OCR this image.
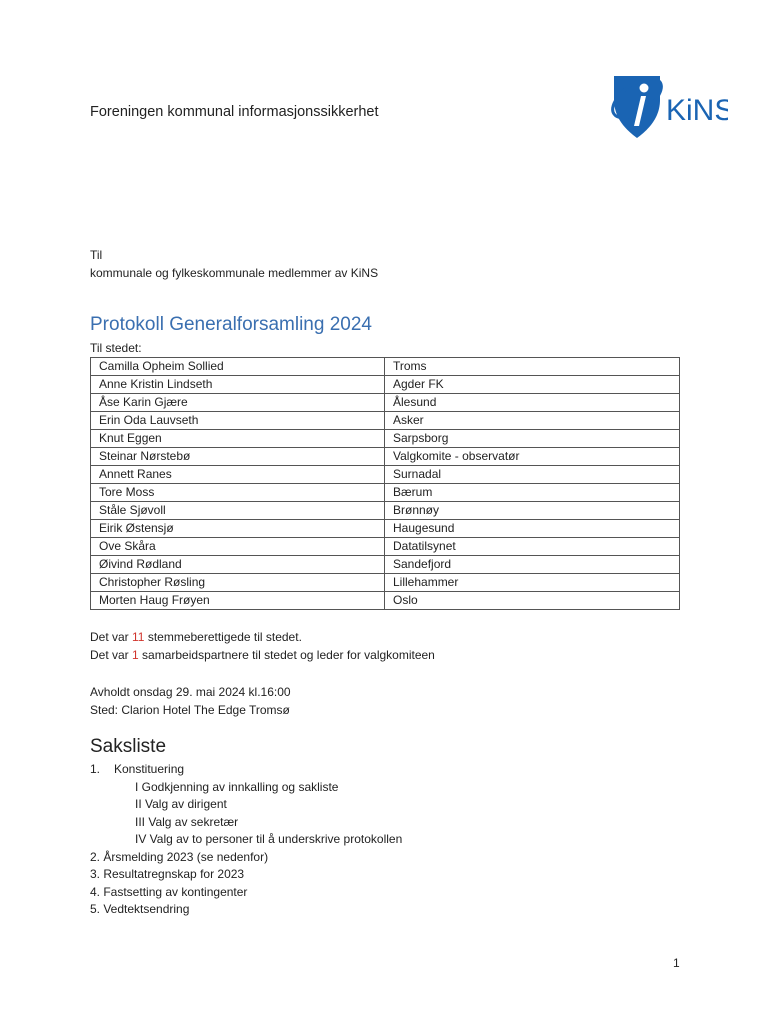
Foreningen kommunal informasjonssikkerhet	KiNS
Til
kommunale og fylkeskommunale medlemmer av KiNS
Protokoll Generalforsamling 2024
Til stedet:
Camilla Opheim Sollied	Troms
Anne Kristin Lindseth	Agder FK
Åse Karin Gjære	Ålesund
Erin Oda Lauvseth	Asker
Knut Eggen	Sarpsborg
Steinar Nørstebø	Valgkomite - observatør
Annett Ranes	Surnadal
Tore Moss	Bærum
Ståle Sjøvoll	Brønnøy
Eirik Østensjø	Haugesund
Ove Skåra	Datatilsynet
Øivind Rødland	Sandefjord
Christopher Røsling	Lillehammer
Morten Haug Frøyen	Oslo
Det var 11 stemmeberettigede til stedet.
Det var 1 samarbeidspartnere til stedet og leder for valgkomiteen
Avholdt onsdag 29. mai 2024 kl.16:00
Sted: Clarion Hotel The Edge Tromsø
Saksliste
1.	Konstituering
I Godkjenning av innkalling og sakliste
II Valg av dirigent
III Valg av sekretær
IV Valg av to personer til å underskrive protokollen
2. Årsmelding 2023 (se nedenfor)
3. Resultatregnskap for 2023
4. Fastsetting av kontingenter
5. Vedtektsendring
1
